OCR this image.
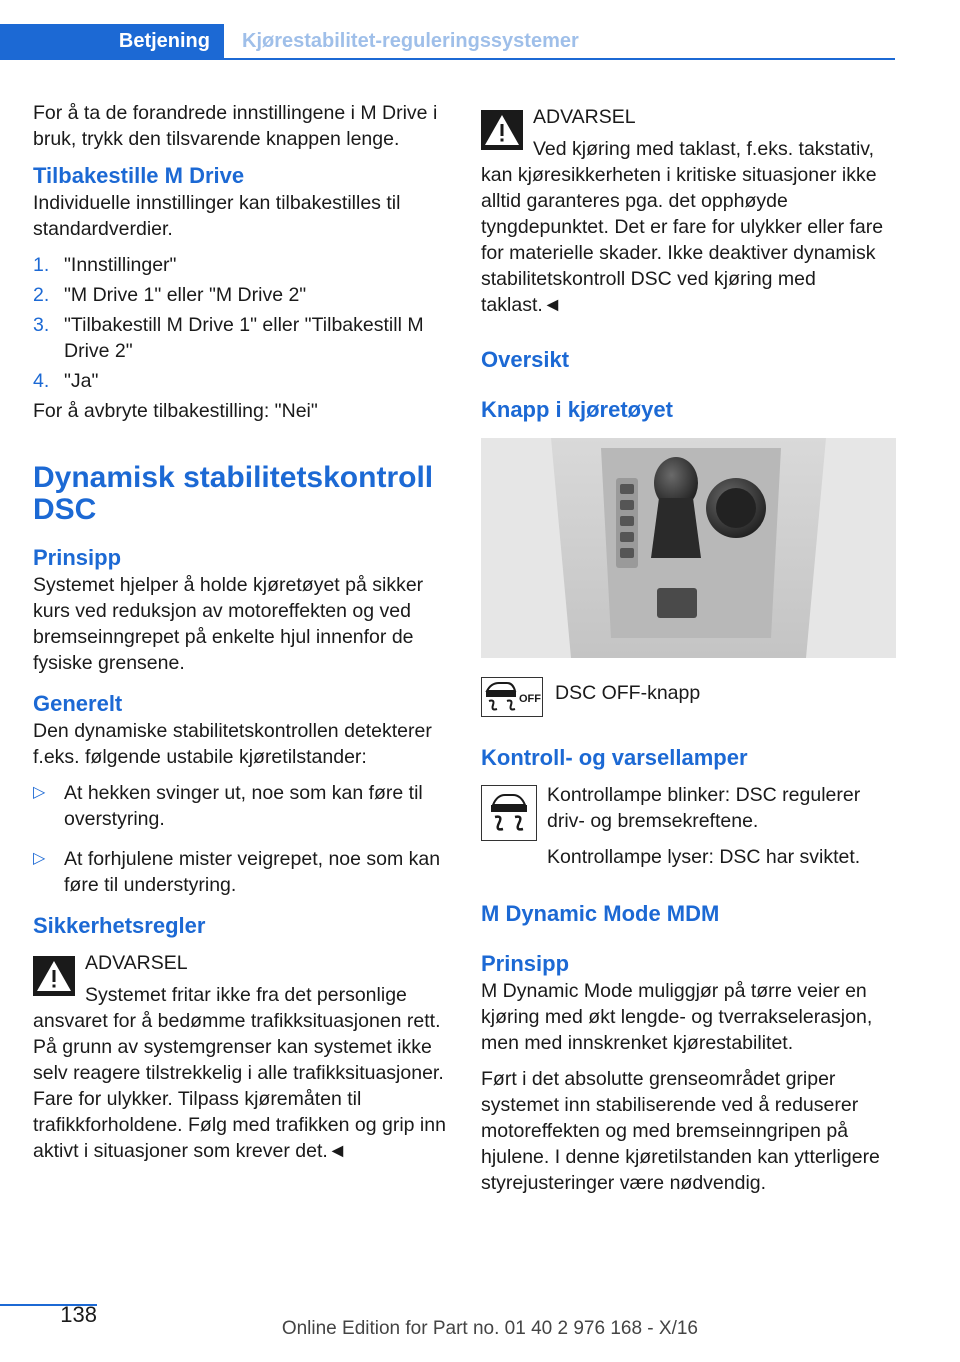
Betjening	Kjørestabilitet-reguleringssystemer

For å ta de forandrede innstillingene i M Drive i bruk, trykk den tilsvarende knappen lenge.

Tilbakestille M Drive

Individuelle innstillinger kan tilbakestilles til standardverdier.

1. "Innstillinger"
2. "M Drive 1" eller "M Drive 2"
3. "Tilbakestill M Drive 1" eller "Tilbakestill M Drive 2"
4. "Ja"

For å avbryte tilbakestilling: "Nei"

Dynamisk stabilitetskontroll DSC
Prinsipp

Systemet hjelper å holde kjøretøyet på sikker kurs ved reduksjon av motoreffekten og ved bremseinngrepet på enkelte hjul innenfor de fysiske grensene.

Generelt

Den dynamiske stabilitetskontrollen detekterer f.eks. følgende ustabile kjøretilstander:

▷ At hekken svinger ut, noe som kan føre til overstyring.
▷ At forhjulene mister veigrepet, noe som kan føre til understyring.
Sikkerhetsregler

ADVARSEL

Systemet fritar ikke fra det personlige ansvaret for å bedømme trafikksituasjonen rett. På grunn av systemgrenser kan systemet ikke selv reagere tilstrekkelig i alle trafikksituasjoner. Fare for ulykker. Tilpass kjøremåten til trafikkforholdene. Følg med trafikken og grip inn aktivt i situasjoner som krever det.◄

ADVARSEL

Ved kjøring med taklast, f.eks. takstativ, kan kjøresikkerheten i kritiske situasjoner ikke alltid garanteres pga. det opphøyde tyngdepunktet. Det er fare for ulykker eller fare for materielle skader. Ikke deaktiver dynamisk stabilitetskontroll DSC ved kjøring med taklast.◄

Oversikt
Knapp i kjøretøyet
OFF DSC OFF-knapp

Kontroll- og varsellamper

Kontrollampe blinker: DSC regulerer driv- og bremsekreftene.

Kontrollampe lyser: DSC har sviktet.

M Dynamic Mode MDM
Prinsipp

M Dynamic Mode muliggjør på tørre veier en kjøring med økt lengde- og tverrakselerasjon, men med innskrenket kjørestabilitet.

Ført i det absolutte grenseområdet griper systemet inn stabiliserende ved å reduserer motoreffekten og med bremseinngripen på hjulene. I denne kjøretilstanden kan ytterligere styrejusteringer være nødvendig.

138
Online Edition for Part no. 01 40 2 976 168 - X/16
